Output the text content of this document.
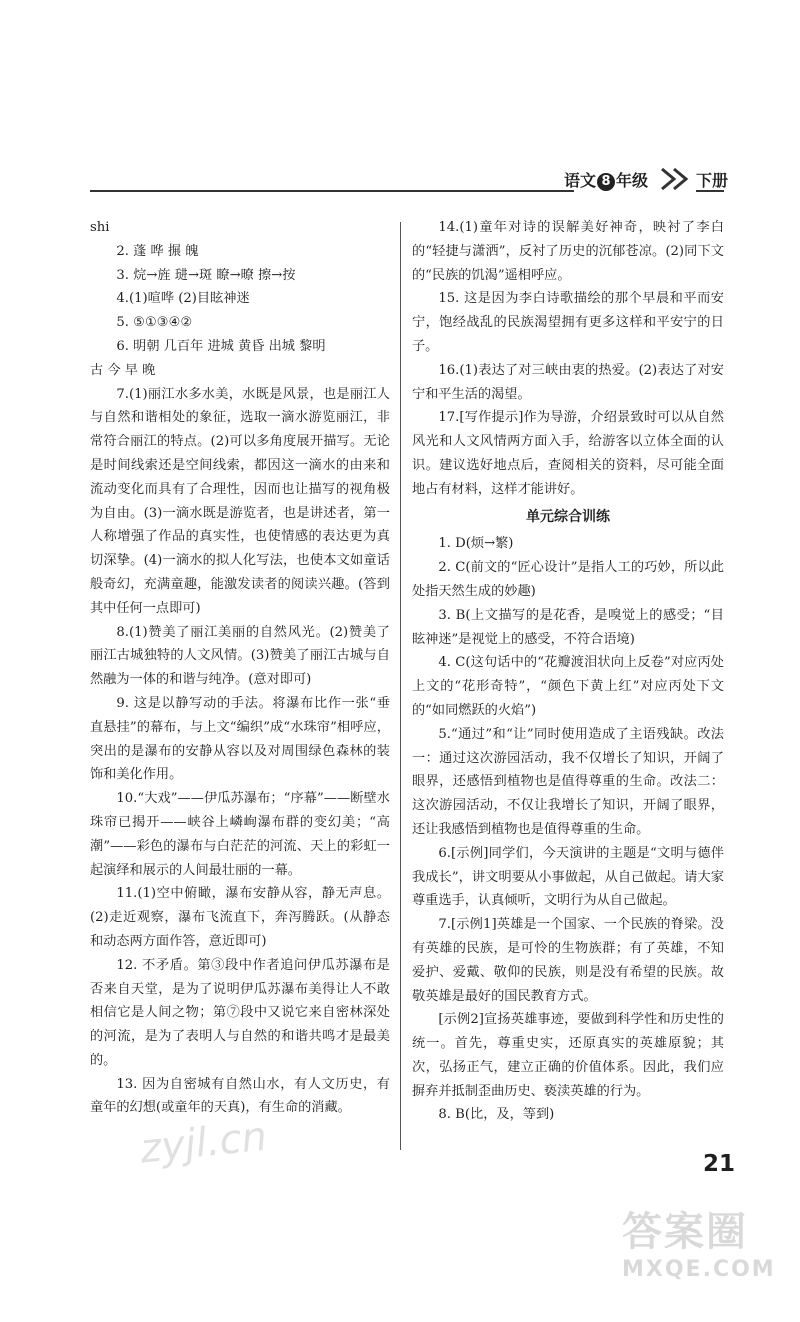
语文 8 年级	下册

shi

2. 蓬 哗 搌 魄

3. 烷→旌 琎→斑 瞭→暸 擦→按

4.(1)喧哗 (2)目眩神迷

5. ⑤①③④②

6. 明朝 几百年 进城 黄昏 出城 黎明

古 今 早 晚

7.(1)丽江水多水美，水既是风景，也是丽江人与自然和谐相处的象征，选取一滴水游览丽江，非常符合丽江的特点。(2)可以多角度展开描写。无论是时间线索还是空间线索，都因这一滴水的由来和流动变化而具有了合理性，因而也让描写的视角极为自由。(3)一滴水既是游览者，也是讲述者，第一人称增强了作品的真实性，也使情感的表达更为真切深挚。(4)一滴水的拟人化写法，也使本文如童话般奇幻，充满童趣，能激发读者的阅读兴趣。(答到其中任何一点即可)

8.(1)赞美了丽江美丽的自然风光。(2)赞美了丽江古城独特的人文风情。(3)赞美了丽江古城与自然融为一体的和谐与纯净。(意对即可)

9. 这是以静写动的手法。将瀑布比作一张“垂直悬挂”的幕布，与上文“编织”成“水珠帘”相呼应，突出的是瀑布的安静从容以及对周围绿色森林的装饰和美化作用。

10.“大戏”——伊瓜苏瀑布；“序幕”——断壁水珠帘已揭开——峡谷上嶙峋瀑布群的变幻美；“高潮”——彩色的瀑布与白茫茫的河流、天上的彩虹一起演绎和展示的人间最壮丽的一幕。

11.(1)空中俯瞰，瀑布安静从容，静无声息。(2)走近观察，瀑布飞流直下，奔泻腾跃。(从静态和动态两方面作答，意近即可)

12. 不矛盾。第③段中作者追问伊瓜苏瀑布是否来自天堂，是为了说明伊瓜苏瀑布美得让人不敢相信它是人间之物；第⑦段中又说它来自密林深处的河流，是为了表明人与自然的和谐共鸣才是最美的。

13. 因为自密城有自然山水，有人文历史，有童年的幻想(或童年的天真)，有生命的消藏。

14.(1)童年对诗的误解美好神奇，映衬了李白的“轻捷与潇洒”，反衬了历史的沉郁苍凉。(2)同下文的“民族的饥渴”遥相呼应。

15. 这是因为李白诗歌描绘的那个早晨和平而安宁，饱经战乱的民族渴望拥有更多这样和平安宁的日子。

16.(1)表达了对三峡由衷的热爱。(2)表达了对安宁和平生活的渴望。

17.[写作提示]作为导游，介绍景致时可以从自然风光和人文风情两方面入手，给游客以立体全面的认识。建议选好地点后，查阅相关的资料，尽可能全面地占有材料，这样才能讲好。

单元综合训练

1. D(烦→繁)

2. C(前文的“匠心设计”是指人工的巧妙，所以此处指天然生成的妙趣)

3. B(上文描写的是花香，是嗅觉上的感受；“目眩神迷”是视觉上的感受，不符合语境)

4. C(这句话中的“花瓣渡泪状向上反卷”对应丙处上文的“花形奇特”，“颜色下黄上红”对应丙处下文的“如同燃跃的火焰”)

5.“通过”和“让”同时使用造成了主语残缺。改法一：通过这次游园活动，我不仅增长了知识，开阔了眼界，还感悟到植物也是值得尊重的生命。改法二：这次游园活动，不仅让我增长了知识，开阔了眼界，还让我感悟到植物也是值得尊重的生命。

6.[示例]同学们，今天演讲的主题是“文明与德伴我成长”，讲文明要从小事做起，从自己做起。请大家尊重选手，认真倾听，文明行为从自己做起。

7.[示例1]英雄是一个国家、一个民族的脊梁。没有英雄的民族，是可怜的生物族群；有了英雄，不知爱护、爱戴、敬仰的民族，则是没有希望的民族。故敬英雄是最好的国民教育方式。

[示例2]宣扬英雄事迹，要做到科学性和历史性的统一。首先，尊重史实，还原真实的英雄原貌；其次，弘扬正气，建立正确的价值体系。因此，我们应摒弃并抵制歪曲历史、亵渎英雄的行为。

8. B(比，及，等到)

21
zyjl.cn
答案圈
MXQE.COM
